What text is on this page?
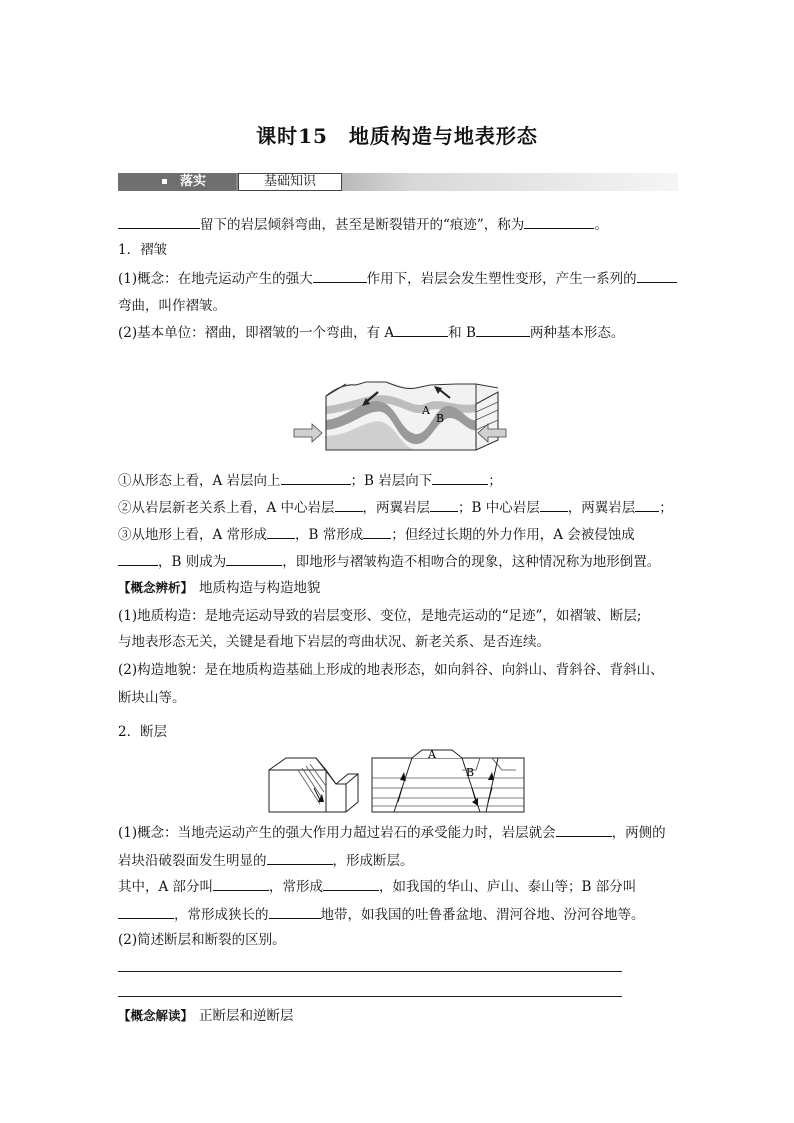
课时15　地质构造与地表形态
落实	基础知识
留下的岩层倾斜弯曲，甚至是断裂错开的“痕迹”，称为	。
1．褶皱
(1)概念：在地壳运动产生的强大	作用下，岩层会发生塑性变形，产生一系列的
弯曲，叫作褶皱。
(2)基本单位：褶曲，即褶皱的一个弯曲，有 A	和 B	两种基本形态。
A
B
①从形态上看，A 岩层向上	；B 岩层向下	；
②从岩层新老关系上看，A 中心岩层 ，两翼岩层 ；B 中心岩层 ，两翼岩层 ；
③从地形上看，A 常形成 ，B 常形成 ；但经过长期的外力作用，A 会被侵蚀成
，B 则成为	，即地形与褶皱构造不相吻合的现象，这种情况称为地形倒置。
【概念辨析】 地质构造与构造地貌
(1)地质构造：是地壳运动导致的岩层变形、变位，是地壳运动的“足迹”，如褶皱、断层;
与地表形态无关，关键是看地下岩层的弯曲状况、新老关系、是否连续。
(2)构造地貌：是在地质构造基础上形成的地表形态，如向斜谷、向斜山、背斜谷、背斜山、
断块山等。
2．断层
A
B
(1)概念：当地壳运动产生的强大作用力超过岩石的承受能力时，岩层就会	，两侧的
岩块沿破裂面发生明显的	，形成断层。
其中，A 部分叫	，常形成	，如我国的华山、庐山、泰山等；B 部分叫
，常形成狭长的	地带，如我国的吐鲁番盆地、渭河谷地、汾河谷地等。
(2)简述断层和断裂的区别。
【概念解读】 正断层和逆断层
